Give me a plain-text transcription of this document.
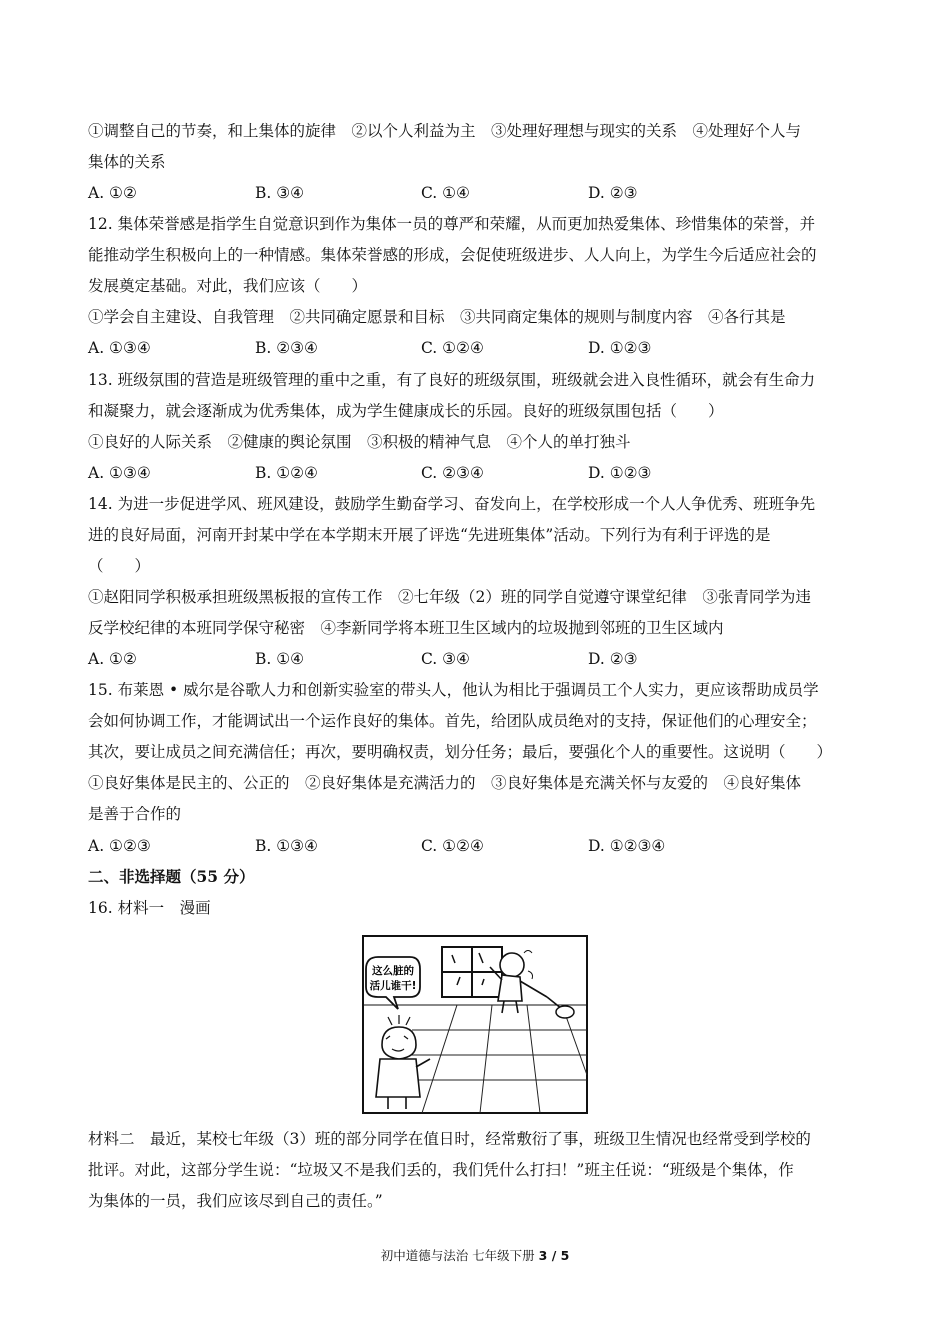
①调整自己的节奏，和上集体的旋律　②以个人利益为主　③处理好理想与现实的关系　④处理好个人与
集体的关系
A. ①②	B. ③④	C. ①④	D. ②③
12. 集体荣誉感是指学生自觉意识到作为集体一员的尊严和荣耀，从而更加热爱集体、珍惜集体的荣誉，并
能推动学生积极向上的一种情感。集体荣誉感的形成，会促使班级进步、人人向上，为学生今后适应社会的
发展奠定基础。对此，我们应该（　　）
①学会自主建设、自我管理　②共同确定愿景和目标　③共同商定集体的规则与制度内容　④各行其是
A. ①③④	B. ②③④	C. ①②④	D. ①②③
13. 班级氛围的营造是班级管理的重中之重，有了良好的班级氛围，班级就会进入良性循环，就会有生命力
和凝聚力，就会逐渐成为优秀集体，成为学生健康成长的乐园。良好的班级氛围包括（　　）
①良好的人际关系　②健康的舆论氛围　③积极的精神气息　④个人的单打独斗
A. ①③④	B. ①②④	C. ②③④	D. ①②③
14. 为进一步促进学风、班风建设，鼓励学生勤奋学习、奋发向上，在学校形成一个人人争优秀、班班争先
进的良好局面，河南开封某中学在本学期末开展了评选“先进班集体”活动。下列行为有利于评选的是
（　　）
①赵阳同学积极承担班级黑板报的宣传工作　②七年级（2）班的同学自觉遵守课堂纪律　③张青同学为违
反学校纪律的本班同学保守秘密　④李新同学将本班卫生区域内的垃圾抛到邻班的卫生区域内
A. ①②	B. ①④	C. ③④	D. ②③
15. 布莱恩 • 威尔是谷歌人力和创新实验室的带头人，他认为相比于强调员工个人实力，更应该帮助成员学
会如何协调工作，才能调试出一个运作良好的集体。首先，给团队成员绝对的支持，保证他们的心理安全；
其次，要让成员之间充满信任；再次，要明确权责，划分任务；最后，要强化个人的重要性。这说明（　　）
①良好集体是民主的、公正的　②良好集体是充满活力的　③良好集体是充满关怀与友爱的　④良好集体
是善于合作的
A. ①②③	B. ①③④	C. ①②④	D. ①②③④
二、非选择题（55 分）
16. 材料一　漫画
这么脏的
活儿谁干!
材料二　最近，某校七年级（3）班的部分同学在值日时，经常敷衍了事，班级卫生情况也经常受到学校的
批评。对此，这部分学生说：“垃圾又不是我们丢的，我们凭什么打扫！”班主任说：“班级是个集体，作
为集体的一员，我们应该尽到自己的责任。”
初中道德与法治 七年级下册 3 / 5
